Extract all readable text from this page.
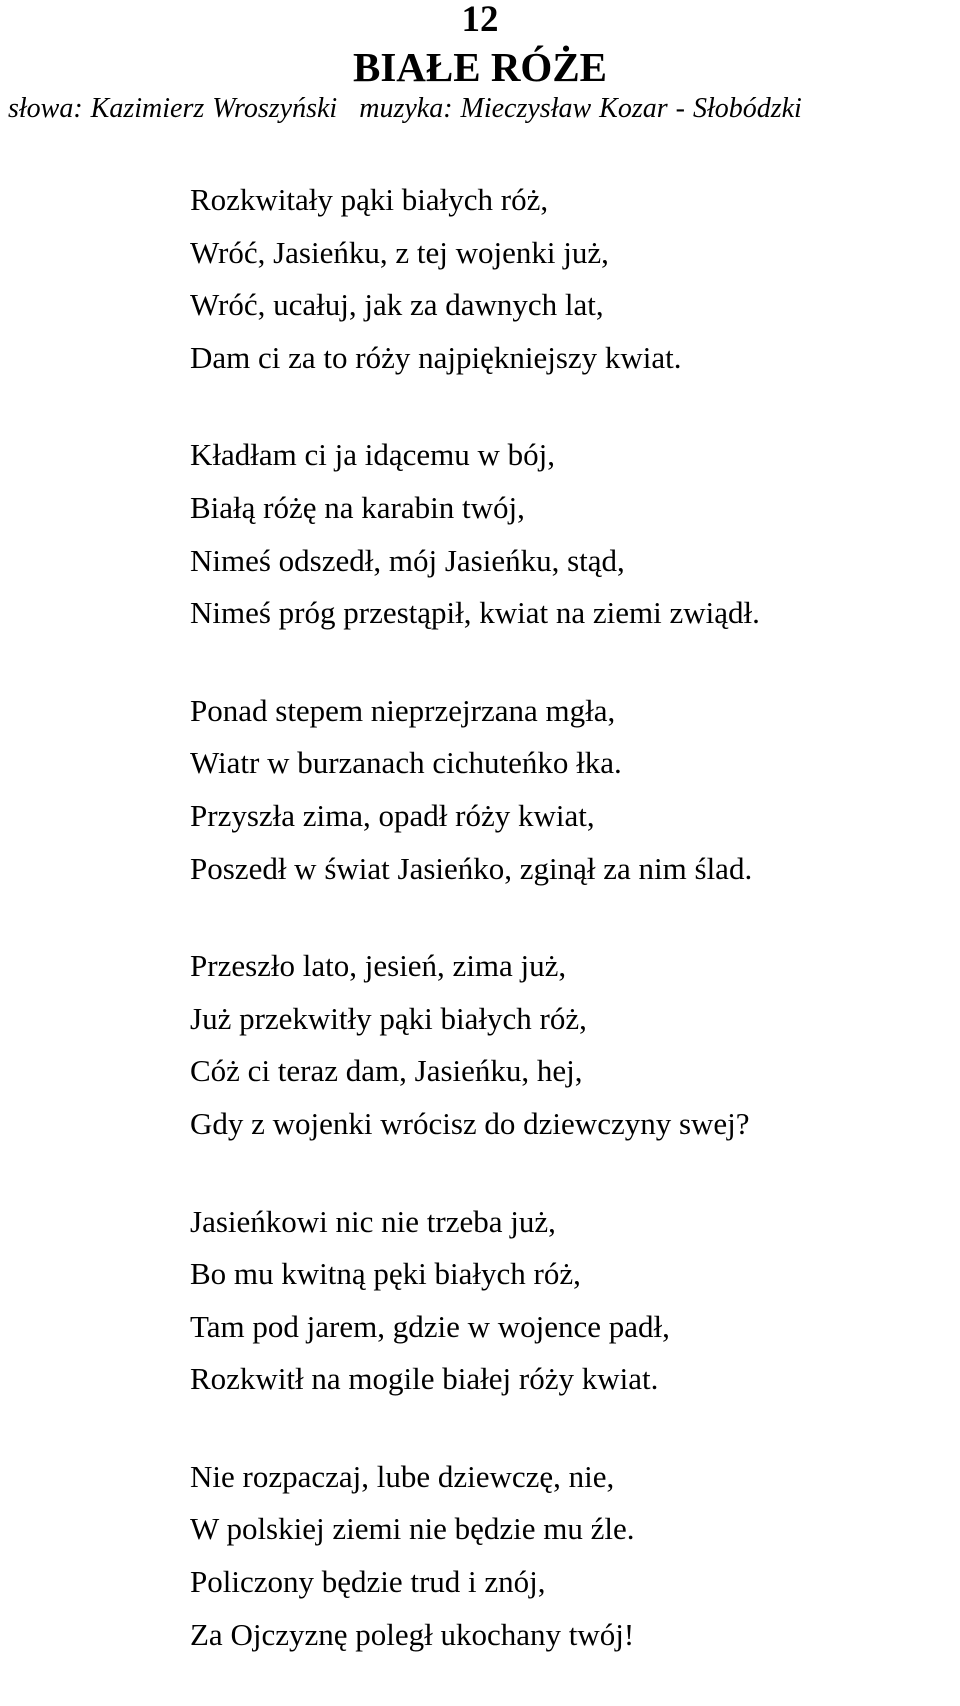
12
BIAŁE RÓŻE
słowa: Kazimierz Wroszyński muzyka: Mieczysław Kozar - Słobódzki
Rozkwitały pąki białych róż,
Wróć, Jasieńku, z tej wojenki już,
Wróć, ucałuj, jak za dawnych lat,
Dam ci za to róży najpiękniejszy kwiat.
Kładłam ci ja idącemu w bój,
Białą różę na karabin twój,
Nimeś odszedł, mój Jasieńku, stąd,
Nimeś próg przestąpił, kwiat na ziemi zwiądł.
Ponad stepem nieprzejrzana mgła,
Wiatr w burzanach cichuteńko łka.
Przyszła zima, opadł róży kwiat,
Poszedł w świat Jasieńko, zginął za nim ślad.
Przeszło lato, jesień, zima już,
Już przekwitły pąki białych róż,
Cóż ci teraz dam, Jasieńku, hej,
Gdy z wojenki wrócisz do dziewczyny swej?
Jasieńkowi nic nie trzeba już,
Bo mu kwitną pęki białych róż,
Tam pod jarem, gdzie w wojence padł,
Rozkwitł na mogile białej róży kwiat.
Nie rozpaczaj, lube dziewczę, nie,
W polskiej ziemi nie będzie mu źle.
Policzony będzie trud i znój,
Za Ojczyznę poległ ukochany twój!
